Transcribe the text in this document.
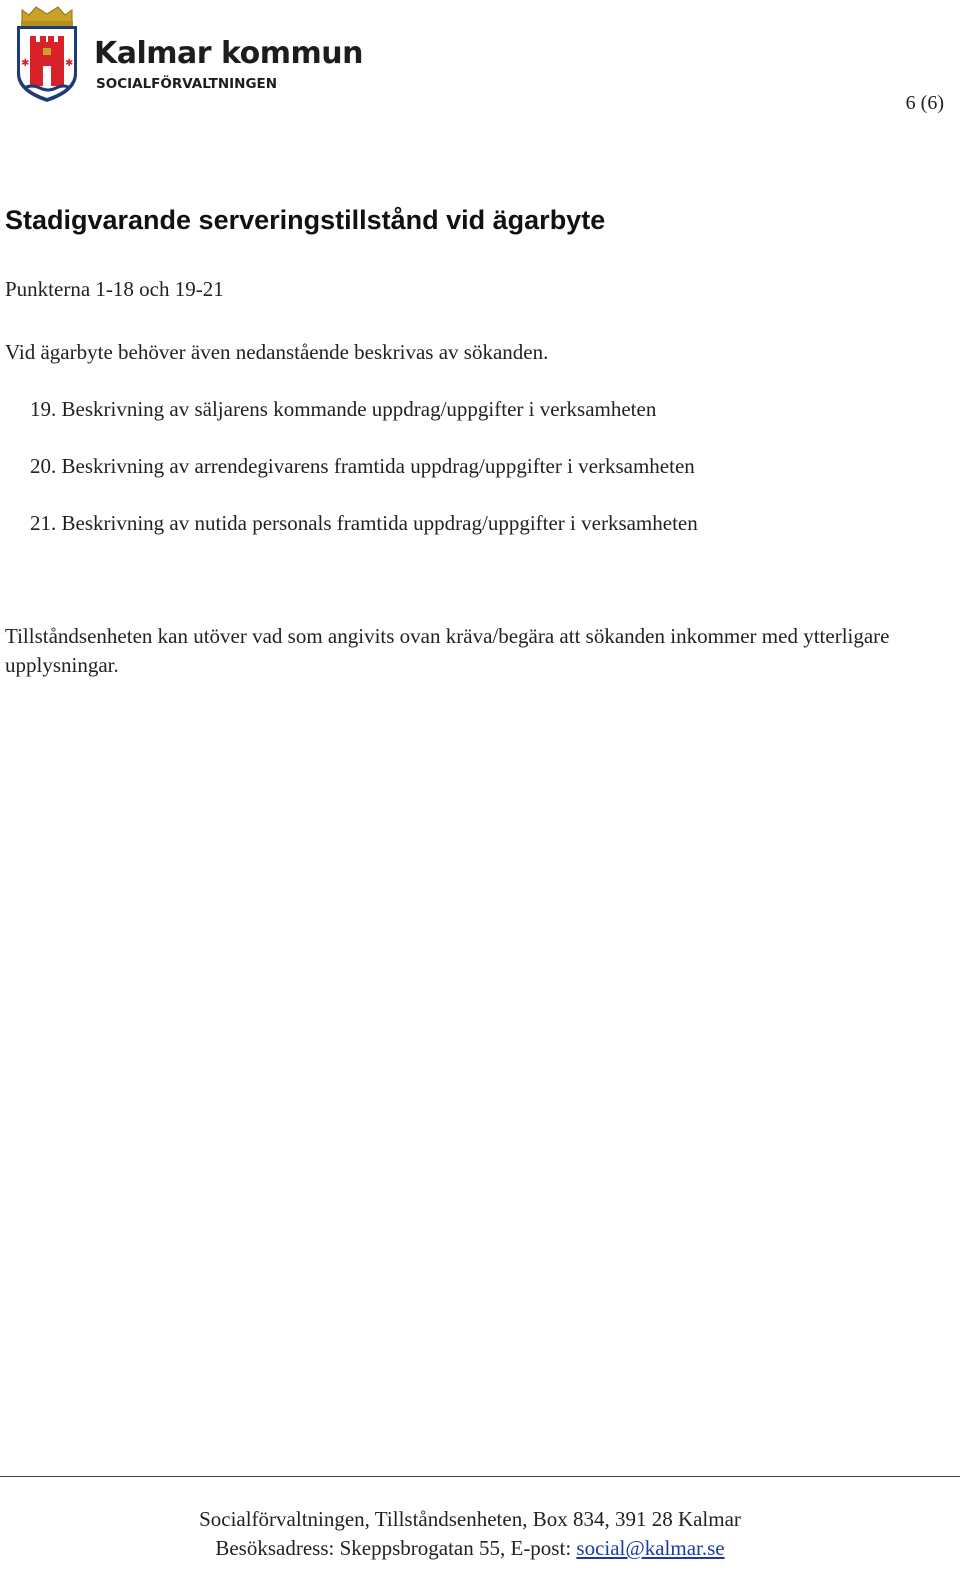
✱	✱ Kalmar kommun
SOCIALFÖRVALTNINGEN
6 (6)
Stadigvarande serveringstillstånd vid ägarbyte
Punkterna 1-18 och 19-21
Vid ägarbyte behöver även nedanstående beskrivas av sökanden.
19. Beskrivning av säljarens kommande uppdrag/uppgifter i verksamheten
20. Beskrivning av arrendegivarens framtida uppdrag/uppgifter i verksamheten
21. Beskrivning av nutida personals framtida uppdrag/uppgifter i verksamheten
Tillståndsenheten kan utöver vad som angivits ovan kräva/begära att sökanden inkommer med ytterligare upplysningar.
Socialförvaltningen, Tillståndsenheten, Box 834, 391 28 Kalmar
Besöksadress: Skeppsbrogatan 55, E-post: social@kalmar.se
